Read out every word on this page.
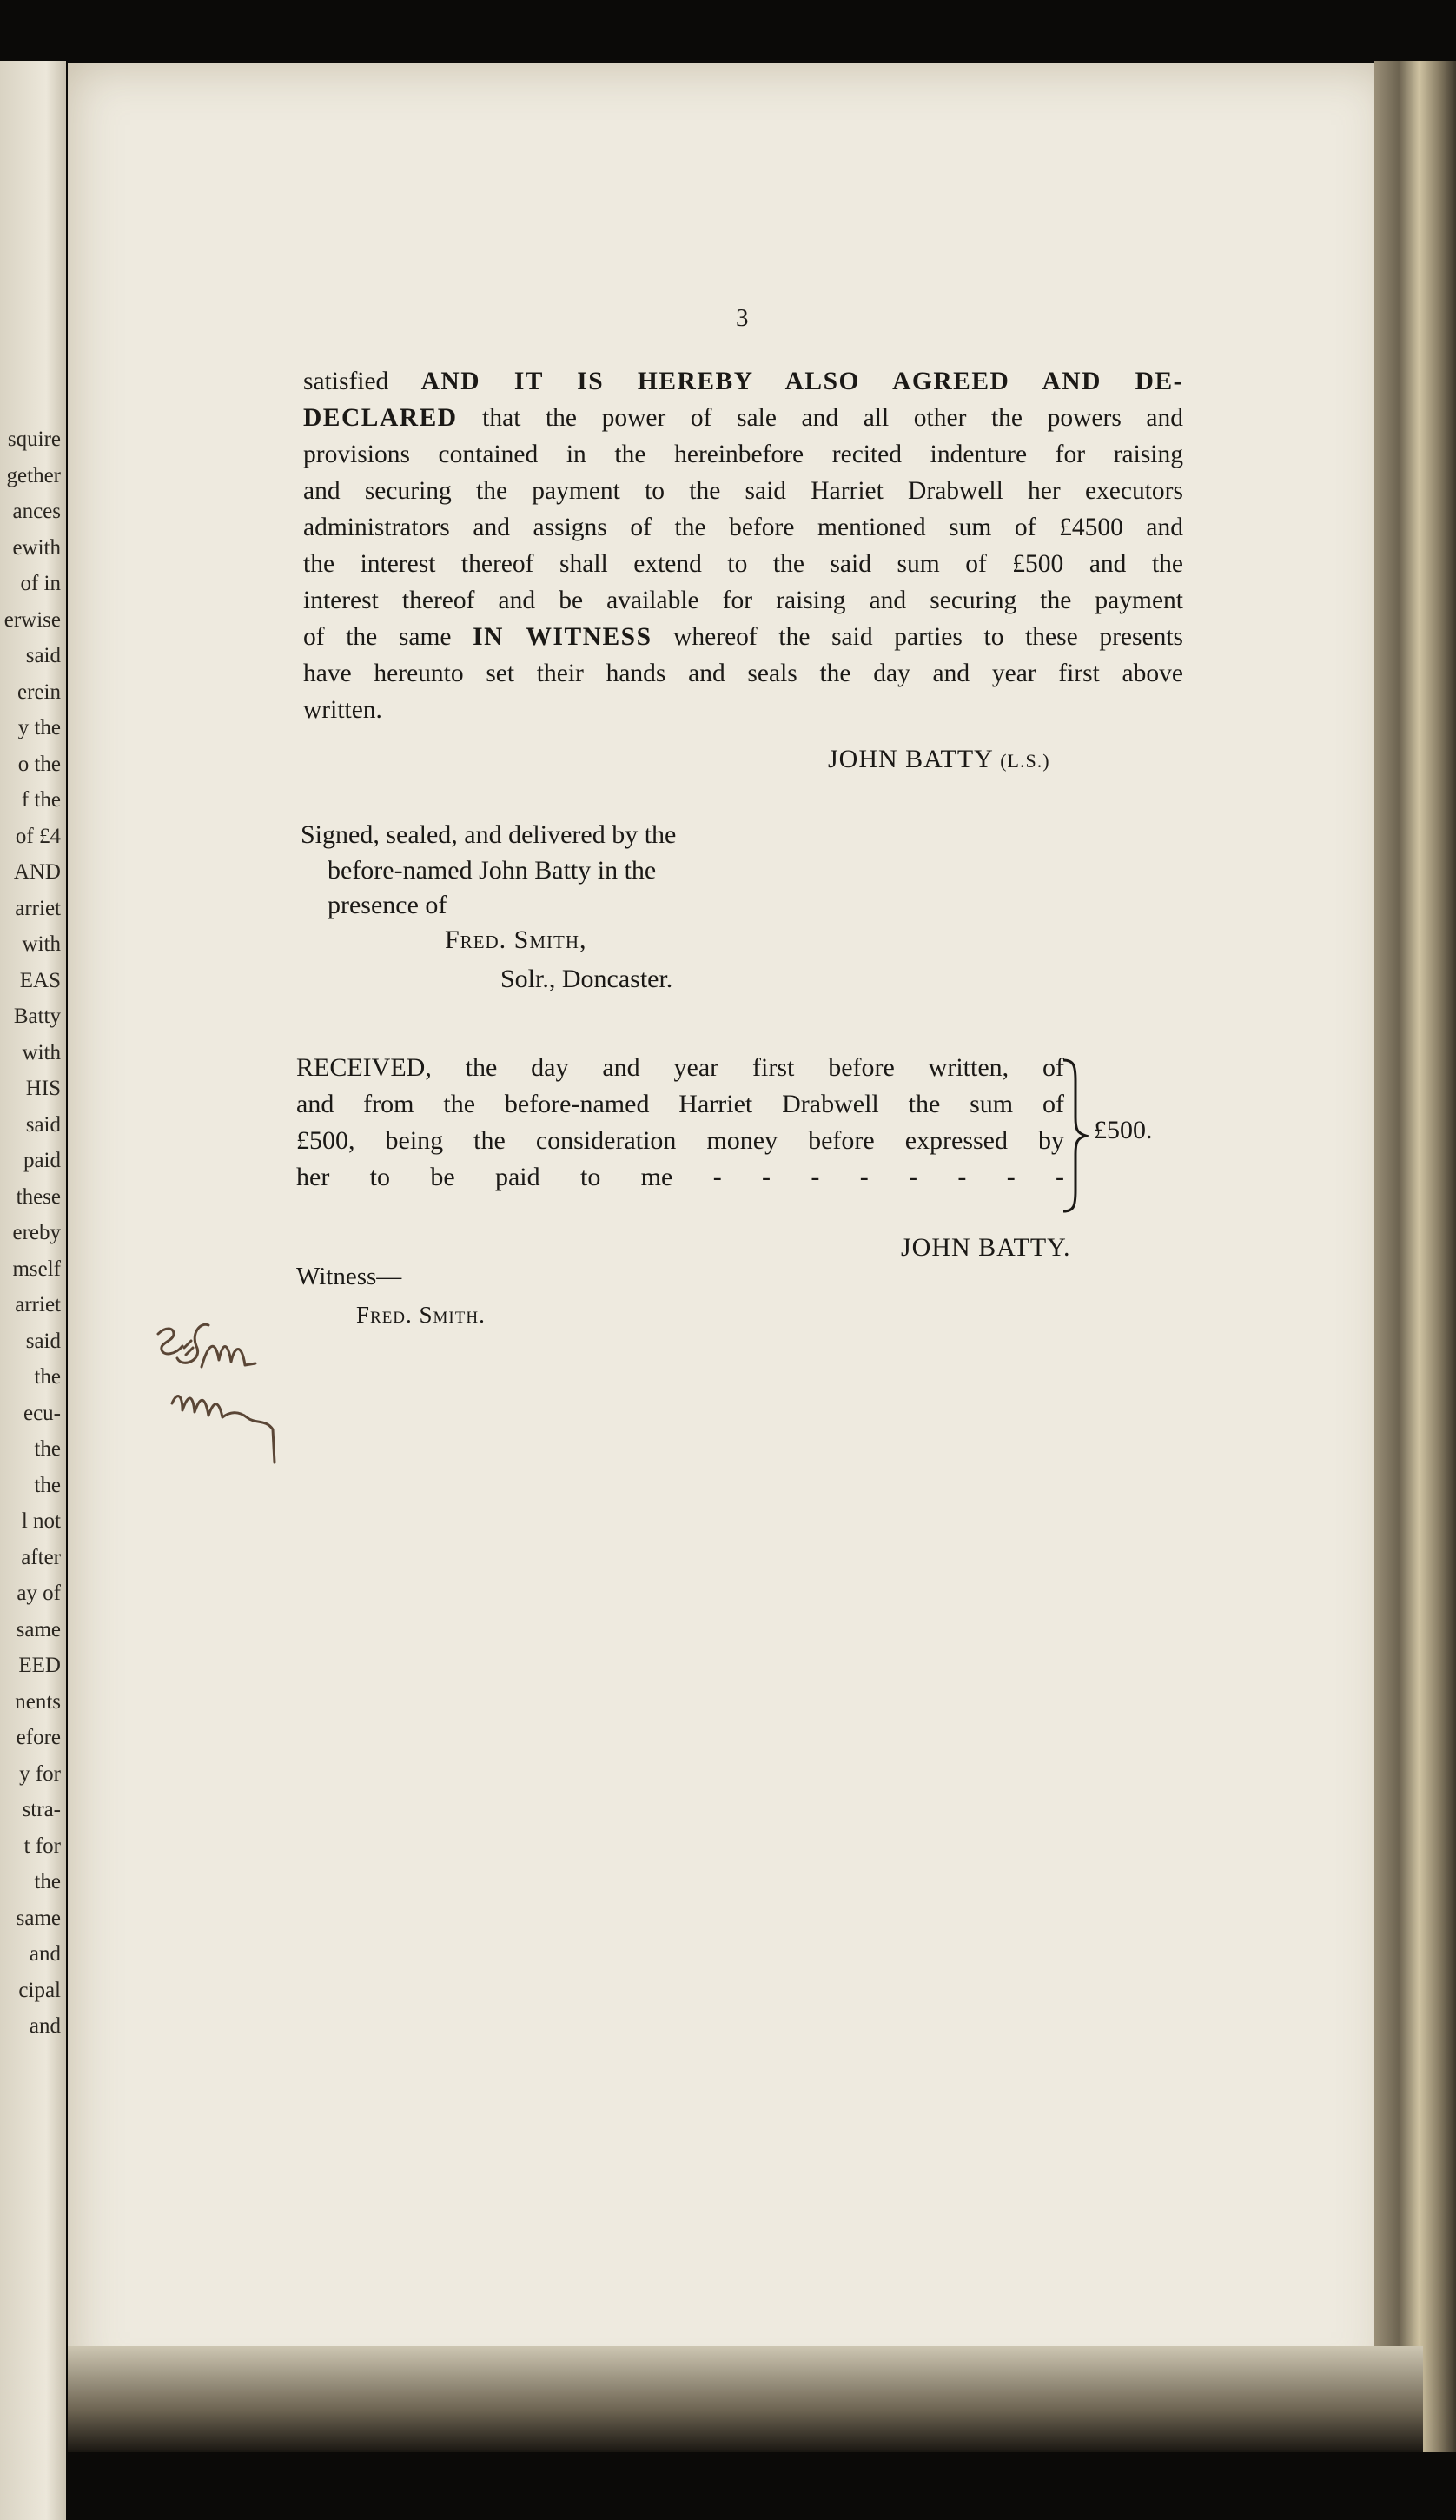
squire
gether
ances
ewith
of in
erwise
said
erein
y the
o the
f the
of £4
AND
arriet
with
EAS
Batty
with
HIS
said
paid
these
ereby
mself
arriet
said
the
ecu-
the
the
l not
after
ay of
same
EED
nents
efore
y for
stra-
t for
the
same
and
cipal
and
3
satisfied AND IT IS HEREBY ALSO AGREED AND DE-
DECLARED that the power of sale and all other the powers and
provisions contained in the hereinbefore recited indenture for raising
and securing the payment to the said Harriet Drabwell her executors
administrators and assigns of the before mentioned sum of £4500 and
the interest thereof shall extend to the said sum of £500 and the
interest thereof and be available for raising and securing the payment
of the same IN WITNESS whereof the said parties to these presents
have hereunto set their hands and seals the day and year first above
written.
JOHN BATTY (L.S.)
Signed, sealed, and delivered by the
before-named John Batty in the
presence of
Fred. Smith,
Solr., Doncaster.
RECEIVED, the day and year first before written, of
and from the before-named Harriet Drabwell the sum of
£500, being the consideration money before expressed by
her to be paid to me - - - - - - - -
£500.
JOHN BATTY.
Witness—
Fred. Smith.
